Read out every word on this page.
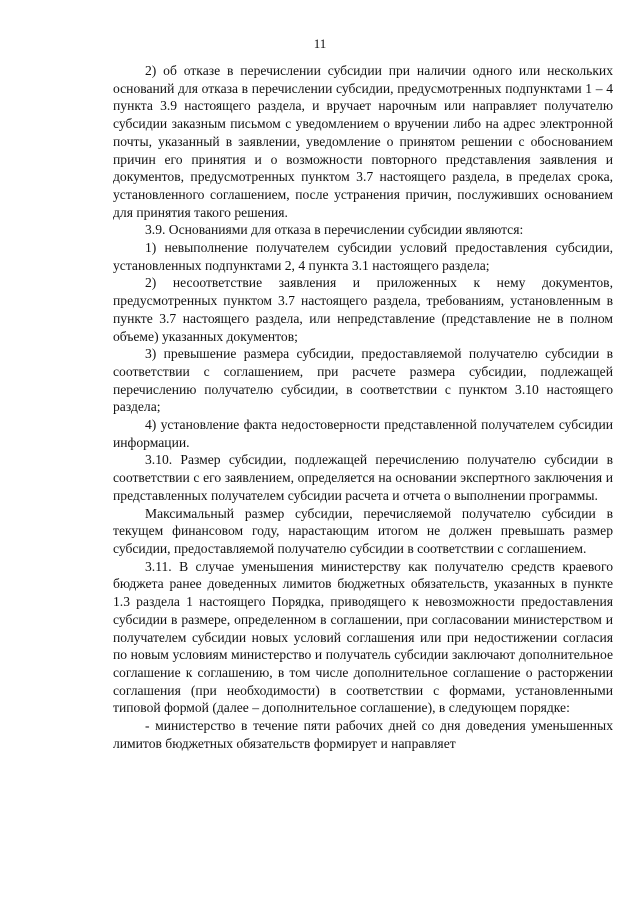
11

2) об отказе в перечислении субсидии при наличии одного или нескольких оснований для отказа в перечислении субсидии, предусмотренных подпунктами 1 – 4 пункта 3.9 настоящего раздела, и вручает нарочным или направляет получателю субсидии заказным письмом с уведомлением о вручении либо на адрес электронной почты, указанный в заявлении, уведомление о принятом решении с обоснованием причин его принятия и о возможности повторного представления заявления и документов, предусмотренных пунктом 3.7 настоящего раздела, в пределах срока, установленного соглашением, после устранения причин, послуживших основанием для принятия такого решения.

3.9. Основаниями для отказа в перечислении субсидии являются:

1) невыполнение получателем субсидии условий предоставления субсидии, установленных подпунктами 2, 4 пункта 3.1 настоящего раздела;

2) несоответствие заявления и приложенных к нему документов, предусмотренных пунктом 3.7 настоящего раздела, требованиям, установленным в пункте 3.7 настоящего раздела, или непредставление (представление не в полном объеме) указанных документов;

3) превышение размера субсидии, предоставляемой получателю субсидии в соответствии с соглашением, при расчете размера субсидии, подлежащей перечислению получателю субсидии, в соответствии с пунктом 3.10 настоящего раздела;

4) установление факта недостоверности представленной получателем субсидии информации.

3.10. Размер субсидии, подлежащей перечислению получателю субсидии в соответствии с его заявлением, определяется на основании экспертного заключения и представленных получателем субсидии расчета и отчета о выполнении программы.

Максимальный размер субсидии, перечисляемой получателю субсидии в текущем финансовом году, нарастающим итогом не должен превышать размер субсидии, предоставляемой получателю субсидии в соответствии с соглашением.

3.11. В случае уменьшения министерству как получателю средств краевого бюджета ранее доведенных лимитов бюджетных обязательств, указанных в пункте 1.3 раздела 1 настоящего Порядка, приводящего к невозможности предоставления субсидии в размере, определенном в соглашении, при согласовании министерством и получателем субсидии новых условий соглашения или при недостижении согласия по новым условиям министерство и получатель субсидии заключают дополнительное соглашение к соглашению, в том числе дополнительное соглашение о расторжении соглашения (при необходимости) в соответствии с формами, установленными типовой формой (далее – дополнительное соглашение), в следующем порядке:

- министерство в течение пяти рабочих дней со дня доведения уменьшенных лимитов бюджетных обязательств формирует и направляет
